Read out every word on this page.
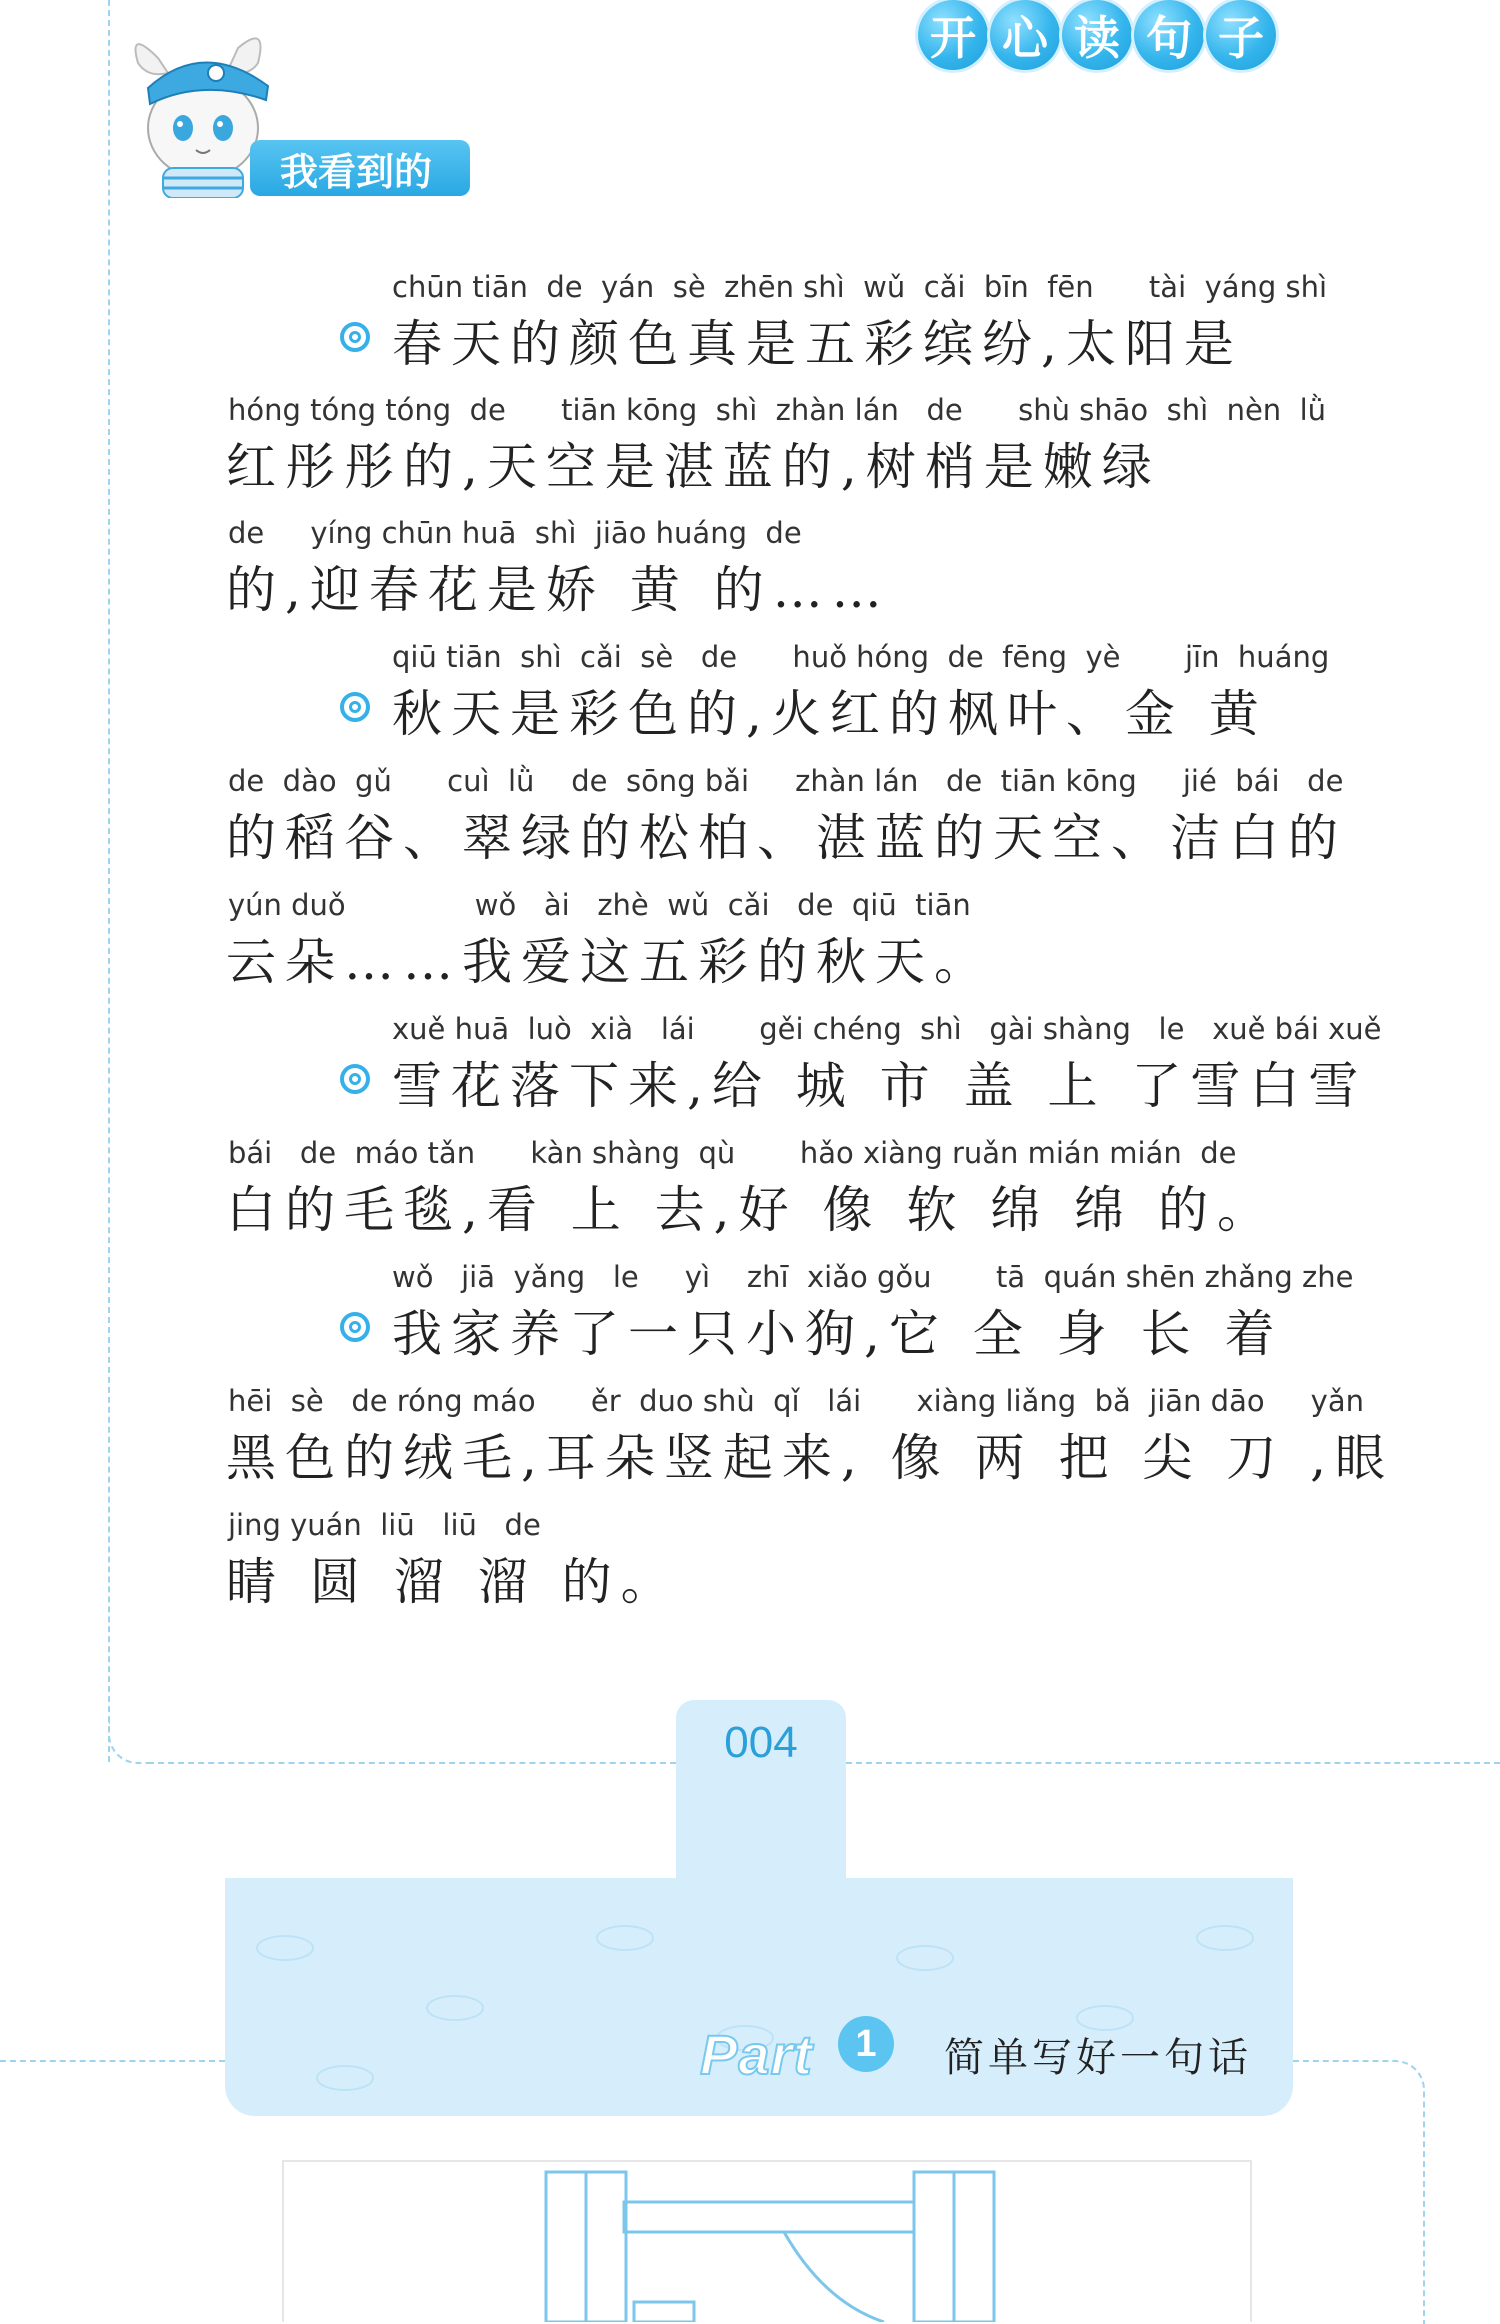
开 心 读 句 子
我看到的
chūn tiān  de  yán  sè  zhēn shì  wǔ  cǎi  bīn  fēn      tài  yáng shì
春天的颜色真是五彩缤纷,太阳是
hóng tóng tóng  de      tiān kōng  shì  zhàn lán   de      shù shāo  shì  nèn  lǜ
红彤彤的,天空是湛蓝的,树梢是嫩绿
de     yíng chūn huā  shì  jiāo huáng  de
的,迎春花是娇 黄 的……
qiū tiān  shì  cǎi  sè   de      huǒ hóng  de  fēng  yè       jīn  huáng
秋天是彩色的,火红的枫叶、金 黄
de  dào  gǔ      cuì  lǜ    de  sōng bǎi     zhàn lán   de  tiān kōng     jié  bái   de
的稻谷、翠绿的松柏、湛蓝的天空、洁白的
yún duǒ              wǒ   ài   zhè  wǔ  cǎi   de  qiū  tiān
云朵……我爱这五彩的秋天。
xuě huā  luò  xià   lái       gěi chéng  shì   gài shàng   le   xuě bái xuě
雪花落下来,给 城 市 盖 上 了雪白雪
bái   de  máo tǎn      kàn shàng  qù       hǎo xiàng ruǎn mián mián  de
白的毛毯,看 上 去,好 像 软 绵 绵 的。
wǒ   jiā  yǎng   le     yì    zhī  xiǎo gǒu       tā  quán shēn zhǎng zhe
我家养了一只小狗,它 全 身 长 着
hēi  sè   de róng máo      ěr  duo shù  qǐ   lái      xiàng liǎng  bǎ  jiān dāo     yǎn
黑色的绒毛,耳朵竖起来, 像 两 把 尖 刀 ,眼
jing yuán  liū   liū   de
睛 圆 溜 溜 的。
004
Part	1	简单写好一句话
